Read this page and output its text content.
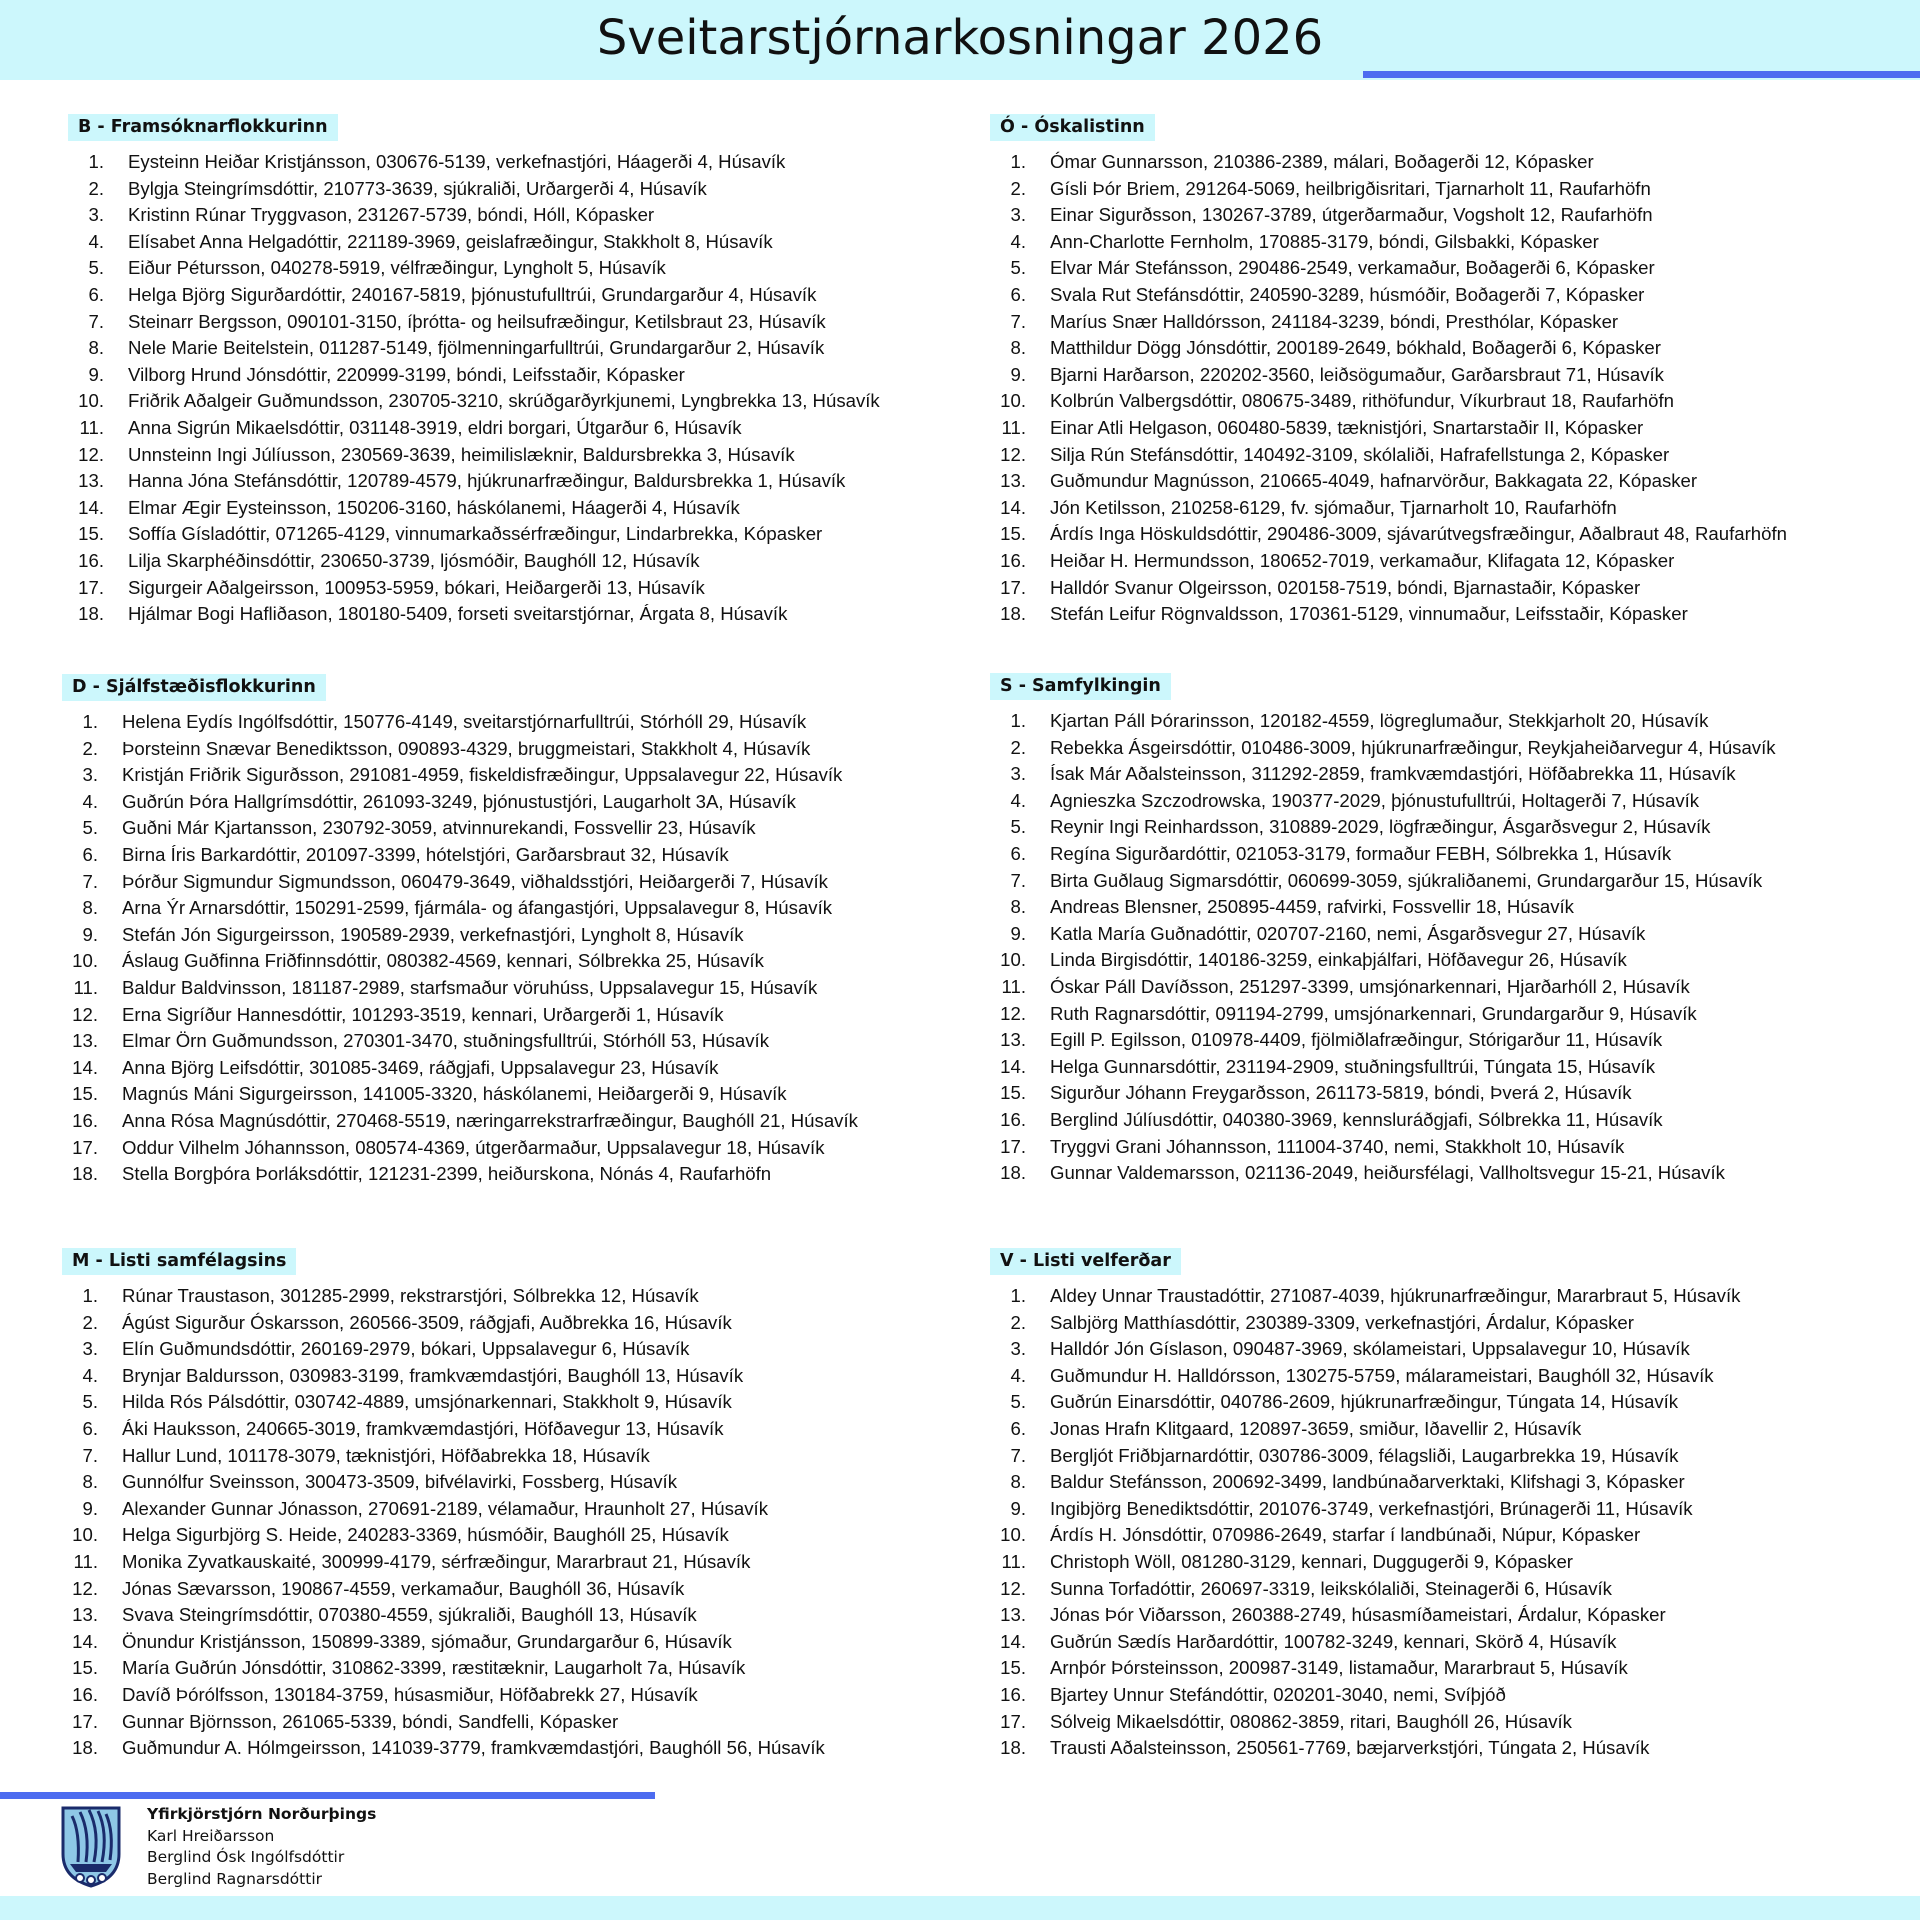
Sveitarstjórnarkosningar 2026
B - Framsóknarflokkurinn
1. Eysteinn Heiðar Kristjánsson, 030676-5139, verkefnastjóri, Háagerði 4, Húsavík
2. Bylgja Steingrímsdóttir, 210773-3639, sjúkraliði, Urðargerði 4, Húsavík
3. Kristinn Rúnar Tryggvason, 231267-5739, bóndi, Hóll, Kópasker
4. Elísabet Anna Helgadóttir, 221189-3969, geislafræðingur, Stakkholt 8, Húsavík
5. Eiður Pétursson, 040278-5919, vélfræðingur, Lyngholt 5, Húsavík
6. Helga Björg Sigurðardóttir, 240167-5819, þjónustufulltrúi, Grundargarður 4, Húsavík
7. Steinarr Bergsson, 090101-3150, íþrótta- og heilsufræðingur, Ketilsbraut 23, Húsavík
8. Nele Marie Beitelstein, 011287-5149, fjölmenningarfulltrúi, Grundargarður 2, Húsavík
9. Vilborg Hrund Jónsdóttir, 220999-3199, bóndi, Leifsstaðir, Kópasker
10. Friðrik Aðalgeir Guðmundsson, 230705-3210, skrúðgarðyrkjunemi, Lyngbrekka 13, Húsavík
11. Anna Sigrún Mikaelsdóttir, 031148-3919, eldri borgari, Útgarður 6, Húsavík
12. Unnsteinn Ingi Júlíusson, 230569-3639, heimilislæknir, Baldursbrekka 3, Húsavík
13. Hanna Jóna Stefánsdóttir, 120789-4579, hjúkrunarfræðingur, Baldursbrekka 1, Húsavík
14. Elmar Ægir Eysteinsson, 150206-3160, háskólanemi, Háagerði 4, Húsavík
15. Soffía Gísladóttir, 071265-4129, vinnumarkaðssérfræðingur, Lindarbrekka, Kópasker
16. Lilja Skarphéðinsdóttir, 230650-3739, ljósmóðir, Baughóll 12, Húsavík
17. Sigurgeir Aðalgeirsson, 100953-5959, bókari, Heiðargerði 13, Húsavík
18. Hjálmar Bogi Hafliðason, 180180-5409, forseti sveitarstjórnar, Árgata 8, Húsavík
Ó - Óskalistinn
1. Ómar Gunnarsson, 210386-2389, málari, Boðagerði 12, Kópasker
2. Gísli Þór Briem, 291264-5069, heilbrigðisritari, Tjarnarholt 11, Raufarhöfn
3. Einar Sigurðsson, 130267-3789, útgerðarmaður, Vogsholt 12, Raufarhöfn
4. Ann-Charlotte Fernholm, 170885-3179, bóndi, Gilsbakki, Kópasker
5. Elvar Már Stefánsson, 290486-2549, verkamaður, Boðagerði 6, Kópasker
6. Svala Rut Stefánsdóttir, 240590-3289, húsmóðir, Boðagerði 7, Kópasker
7. Maríus Snær Halldórsson, 241184-3239, bóndi, Presthólar, Kópasker
8. Matthildur Dögg Jónsdóttir, 200189-2649, bókhald, Boðagerði 6, Kópasker
9. Bjarni Harðarson, 220202-3560, leiðsögumaður, Garðarsbraut 71, Húsavík
10. Kolbrún Valbergsdóttir, 080675-3489, rithöfundur, Víkurbraut 18, Raufarhöfn
11. Einar Atli Helgason, 060480-5839, tæknistjóri, Snartarstaðir II, Kópasker
12. Silja Rún Stefánsdóttir, 140492-3109, skólaliði, Hafrafellstunga 2, Kópasker
13. Guðmundur Magnússon, 210665-4049, hafnarvörður, Bakkagata 22, Kópasker
14. Jón Ketilsson, 210258-6129, fv. sjómaður, Tjarnarholt 10, Raufarhöfn
15. Árdís Inga Höskuldsdóttir, 290486-3009, sjávarútvegsfræðingur, Aðalbraut 48, Raufarhöfn
16. Heiðar H. Hermundsson, 180652-7019, verkamaður, Klifagata 12, Kópasker
17. Halldór Svanur Olgeirsson, 020158-7519, bóndi, Bjarnastaðir, Kópasker
18. Stefán Leifur Rögnvaldsson, 170361-5129, vinnumaður, Leifsstaðir, Kópasker
D - Sjálfstæðisflokkurinn
1. Helena Eydís Ingólfsdóttir, 150776-4149, sveitarstjórnarfulltrúi, Stórhóll 29, Húsavík
2. Þorsteinn Snævar Benediktsson, 090893-4329, bruggmeistari, Stakkholt 4, Húsavík
3. Kristján Friðrik Sigurðsson, 291081-4959, fiskeldisfræðingur, Uppsalavegur 22, Húsavík
4. Guðrún Þóra Hallgrímsdóttir, 261093-3249, þjónustustjóri, Laugarholt 3A, Húsavík
5. Guðni Már Kjartansson, 230792-3059, atvinnurekandi, Fossvellir 23, Húsavík
6. Birna Íris Barkardóttir, 201097-3399, hótelstjóri, Garðarsbraut 32, Húsavík
7. Þórður Sigmundur Sigmundsson, 060479-3649, viðhaldsstjóri, Heiðargerði 7, Húsavík
8. Arna Ýr Arnarsdóttir, 150291-2599, fjármála- og áfangastjóri, Uppsalavegur 8, Húsavík
9. Stefán Jón Sigurgeirsson, 190589-2939, verkefnastjóri, Lyngholt 8, Húsavík
10. Áslaug Guðfinna Friðfinnsdóttir, 080382-4569, kennari, Sólbrekka 25, Húsavík
11. Baldur Baldvinsson, 181187-2989, starfsmaður vöruhúss, Uppsalavegur 15, Húsavík
12. Erna Sigríður Hannesdóttir, 101293-3519, kennari, Urðargerði 1, Húsavík
13. Elmar Örn Guðmundsson, 270301-3470, stuðningsfulltrúi, Stórhóll 53, Húsavík
14. Anna Björg Leifsdóttir, 301085-3469, ráðgjafi, Uppsalavegur 23, Húsavík
15. Magnús Máni Sigurgeirsson, 141005-3320, háskólanemi, Heiðargerði 9, Húsavík
16. Anna Rósa Magnúsdóttir, 270468-5519, næringarrekstrarfræðingur, Baughóll 21, Húsavík
17. Oddur Vilhelm Jóhannsson, 080574-4369, útgerðarmaður, Uppsalavegur 18, Húsavík
18. Stella Borgþóra Þorláksdóttir, 121231-2399, heiðurskona, Nónás 4, Raufarhöfn
S - Samfylkingin
1. Kjartan Páll Þórarinsson, 120182-4559, lögreglumaður, Stekkjarholt 20, Húsavík
2. Rebekka Ásgeirsdóttir, 010486-3009, hjúkrunarfræðingur, Reykjaheiðarvegur 4, Húsavík
3. Ísak Már Aðalsteinsson, 311292-2859, framkvæmdastjóri, Höfðabrekka 11, Húsavík
4. Agnieszka Szczodrowska, 190377-2029, þjónustufulltrúi, Holtagerði 7, Húsavík
5. Reynir Ingi Reinhardsson, 310889-2029, lögfræðingur, Ásgarðsvegur 2, Húsavík
6. Regína Sigurðardóttir, 021053-3179, formaður FEBH, Sólbrekka 1, Húsavík
7. Birta Guðlaug Sigmarsdóttir, 060699-3059, sjúkraliðanemi, Grundargarður 15, Húsavík
8. Andreas Blensner, 250895-4459, rafvirki, Fossvellir 18, Húsavík
9. Katla María Guðnadóttir, 020707-2160, nemi, Ásgarðsvegur 27, Húsavík
10. Linda Birgisdóttir, 140186-3259, einkaþjálfari, Höfðavegur 26, Húsavík
11. Óskar Páll Davíðsson, 251297-3399, umsjónarkennari, Hjarðarhóll 2, Húsavík
12. Ruth Ragnarsdóttir, 091194-2799, umsjónarkennari, Grundargarður 9, Húsavík
13. Egill P. Egilsson, 010978-4409, fjölmiðlafræðingur, Stórigarður 11, Húsavík
14. Helga Gunnarsdóttir, 231194-2909, stuðningsfulltrúi, Túngata 15, Húsavík
15. Sigurður Jóhann Freygarðsson, 261173-5819, bóndi, Þverá 2, Húsavík
16. Berglind Júlíusdóttir, 040380-3969, kennsluráðgjafi, Sólbrekka 11, Húsavík
17. Tryggvi Grani Jóhannsson, 111004-3740, nemi, Stakkholt 10, Húsavík
18. Gunnar Valdemarsson, 021136-2049, heiðursfélagi, Vallholtsvegur 15-21, Húsavík
M - Listi samfélagsins
1. Rúnar Traustason, 301285-2999, rekstrarstjóri, Sólbrekka 12, Húsavík
2. Ágúst Sigurður Óskarsson, 260566-3509, ráðgjafi, Auðbrekka 16, Húsavík
3. Elín Guðmundsdóttir, 260169-2979, bókari, Uppsalavegur 6, Húsavík
4. Brynjar Baldursson, 030983-3199, framkvæmdastjóri, Baughóll 13, Húsavík
5. Hilda Rós Pálsdóttir, 030742-4889, umsjónarkennari, Stakkholt 9, Húsavík
6. Áki Hauksson, 240665-3019, framkvæmdastjóri, Höfðavegur 13, Húsavík
7. Hallur Lund, 101178-3079, tæknistjóri, Höfðabrekka 18, Húsavík
8. Gunnólfur Sveinsson, 300473-3509, bifvélavirki, Fossberg, Húsavík
9. Alexander Gunnar Jónasson, 270691-2189, vélamaður, Hraunholt 27, Húsavík
10. Helga Sigurbjörg S. Heide, 240283-3369, húsmóðir, Baughóll 25, Húsavík
11. Monika Zyvatkauskaité, 300999-4179, sérfræðingur, Mararbraut 21, Húsavík
12. Jónas Sævarsson, 190867-4559, verkamaður, Baughóll 36, Húsavík
13. Svava Steingrímsdóttir, 070380-4559, sjúkraliði, Baughóll 13, Húsavík
14. Önundur Kristjánsson, 150899-3389, sjómaður, Grundargarður 6, Húsavík
15. María Guðrún Jónsdóttir, 310862-3399, ræstitæknir, Laugarholt 7a, Húsavík
16. Davíð Þórólfsson, 130184-3759, húsasmiður, Höfðabrekk 27, Húsavík
17. Gunnar Björnsson, 261065-5339, bóndi, Sandfelli, Kópasker
18. Guðmundur A. Hólmgeirsson, 141039-3779, framkvæmdastjóri, Baughóll 56, Húsavík
V - Listi velferðar
1. Aldey Unnar Traustadóttir, 271087-4039, hjúkrunarfræðingur, Mararbraut 5, Húsavík
2. Salbjörg Matthíasdóttir, 230389-3309, verkefnastjóri, Árdalur, Kópasker
3. Halldór Jón Gíslason, 090487-3969, skólameistari, Uppsalavegur 10, Húsavík
4. Guðmundur H. Halldórsson, 130275-5759, málarameistari, Baughóll 32, Húsavík
5. Guðrún Einarsdóttir, 040786-2609, hjúkrunarfræðingur, Túngata 14, Húsavík
6. Jonas Hrafn Klitgaard, 120897-3659, smiður, Iðavellir 2, Húsavík
7. Bergljót Friðbjarnardóttir, 030786-3009, félagsliði, Laugarbrekka 19, Húsavík
8. Baldur Stefánsson, 200692-3499, landbúnaðarverktaki, Klifshagi 3, Kópasker
9. Ingibjörg Benediktsdóttir, 201076-3749, verkefnastjóri, Brúnagerði 11, Húsavík
10. Árdís H. Jónsdóttir, 070986-2649, starfar í landbúnaði, Núpur, Kópasker
11. Christoph Wöll, 081280-3129, kennari, Duggugerði 9, Kópasker
12. Sunna Torfadóttir, 260697-3319, leikskólaliði, Steinagerði 6, Húsavík
13. Jónas Þór Viðarsson, 260388-2749, húsasmíðameistari, Árdalur, Kópasker
14. Guðrún Sædís Harðardóttir, 100782-3249, kennari, Skörð 4, Húsavík
15. Arnþór Þórsteinsson, 200987-3149, listamaður, Mararbraut 5, Húsavík
16. Bjartey Unnur Stefándóttir, 020201-3040, nemi, Svíþjóð
17. Sólveig Mikaelsdóttir, 080862-3859, ritari, Baughóll 26, Húsavík
18. Trausti Aðalsteinsson, 250561-7769, bæjarverkstjóri, Túngata 2, Húsavík
Yfirkjörstjórn Norðurþings
Karl Hreiðarsson
Berglind Ósk Ingólfsdóttir
Berglind Ragnarsdóttir
